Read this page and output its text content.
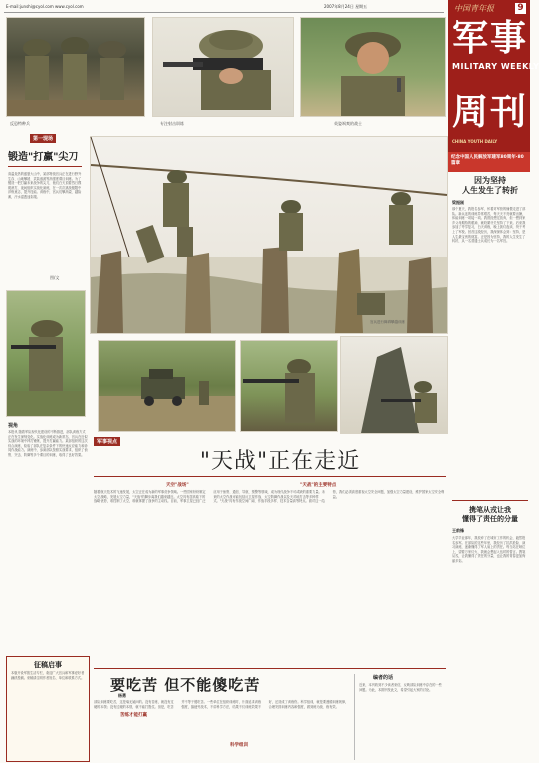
E-mail:junshi@cyol.com www.cyol.com	2007年8月24日 星期五	中国青年报	9
军事
周刊
MILITARY WEEKLY
CHINA YOUTH DAILY
反恐特种兵	专注射击训练	英姿飒爽的战士
第一现场
锻造"打赢"尖刀
高温炎热的盛夏大山中，某部特战官兵正在进行野外生存、山地攀援、武装泅渡等高强度课目训练。为了锻造一把打赢未来战争的尖刀，他们白天顶着烈日摸爬滚打，夜间组织实战化演练，在一次次挑战极限中淬炼意志，提升技能。训练中，官兵们攀高索、越险滩，汗水湿透迷彩服。
图/文
官兵进行障碍攀越训练
纪念中国人民解放军建军80周年·80篇章
因为坚持
人生发生了转折
梁振刚
那个夏天，我报名参军，怀着对军营的憧憬走进了部队。新兵连的训练异常艰苦，每天天不亮就要出操，体能训练一项接一项。我曾经想过放弃，但一想到家乡父母期待的眼神，就咬紧牙关坚持了下来。后来我参加了考学复习，白天训练，晚上挑灯夜读，终于考上了军校。回首这段经历，我深深体会到：坚持，是人生最宝贵的财富。正是因为坚持，我的人生发生了转折，从一名普通士兵成长为一名军官。
携笔从戎让我
懂得了责任的分量
王前锋
大学毕业那年，我放弃了在城市工作的机会，毅然报名参军。在部队的这些年里，我经历了抗洪抢险、演习演练，逐渐懂得了军人肩上的责任。每当站在哨位上，望着万家灯火，我就会想起入伍时的誓言。携笔从戎，让我懂得了责任的分量，也让我的青春更加绚丽多彩。
视角
本报讯 随着军队现代化建设的不断推进，部队训练方式正在发生深刻变化。实战化训练成为新常态，官兵在近似实战的环境中摔打锤炼，提升打赢能力。某部组织的这次综合演练，检验了部队在复杂条件下的快速反应能力和协同作战能力。演练中，参演部队按照实战要求，组织了侦察、突击、防御等多个课目的训练，取得了良好效果。
征稿启事
本版开设军旅生活专栏，欢迎广大官兵和军事爱好者踊跃投稿。来稿请注明作者姓名、单位和联系方式。
军事视点
"天战"正在走近
天空"战场"	"天战"的主要特点
随着航天技术的飞速发展，太空正在成为新的军事竞争领域。一些国家纷纷制定太空战略，发展太空力量，"天战"的脚步离我们越来越近。太空具有居高临下的战略优势，谁控制了太空，谁就掌握了战争的主动权。目前，军事卫星已经广泛应用于侦察、通信、导航、预警等领域，成为现代战争不可或缺的重要力量。未来的太空作战可能包括反卫星作战、太空防御作战以及天对地打击等多种样式。"天战"具有作战空间广阔、作战手段多样、技术含量高等特点。面对这一趋势，我们必须高度重视太空安全问题，加强太空力量建设，维护国家太空安全利益。
要吃苦 但不能傻吃苦
杨勇
苦练才能打赢
科学组训
部队训练要吃苦，这是毫无疑问的。没有苦练，就没有过硬的本领；没有过硬的本领，就不能打胜仗。但是，吃苦并不等于傻吃苦。一些单位在组织训练时，片面追求训练强度，搞疲劳战术，不讲科学方法，结果不仅训练效果不好，还造成了训练伤。科学组训，就是要遵循训练规律，合理安排训练内容和强度，做到练为战、练有效。
编者的话
近来，本刊收到不少读者来信，反映部队训练中存在的一些问题。为此，本期刊发此文，希望引起大家的讨论。
